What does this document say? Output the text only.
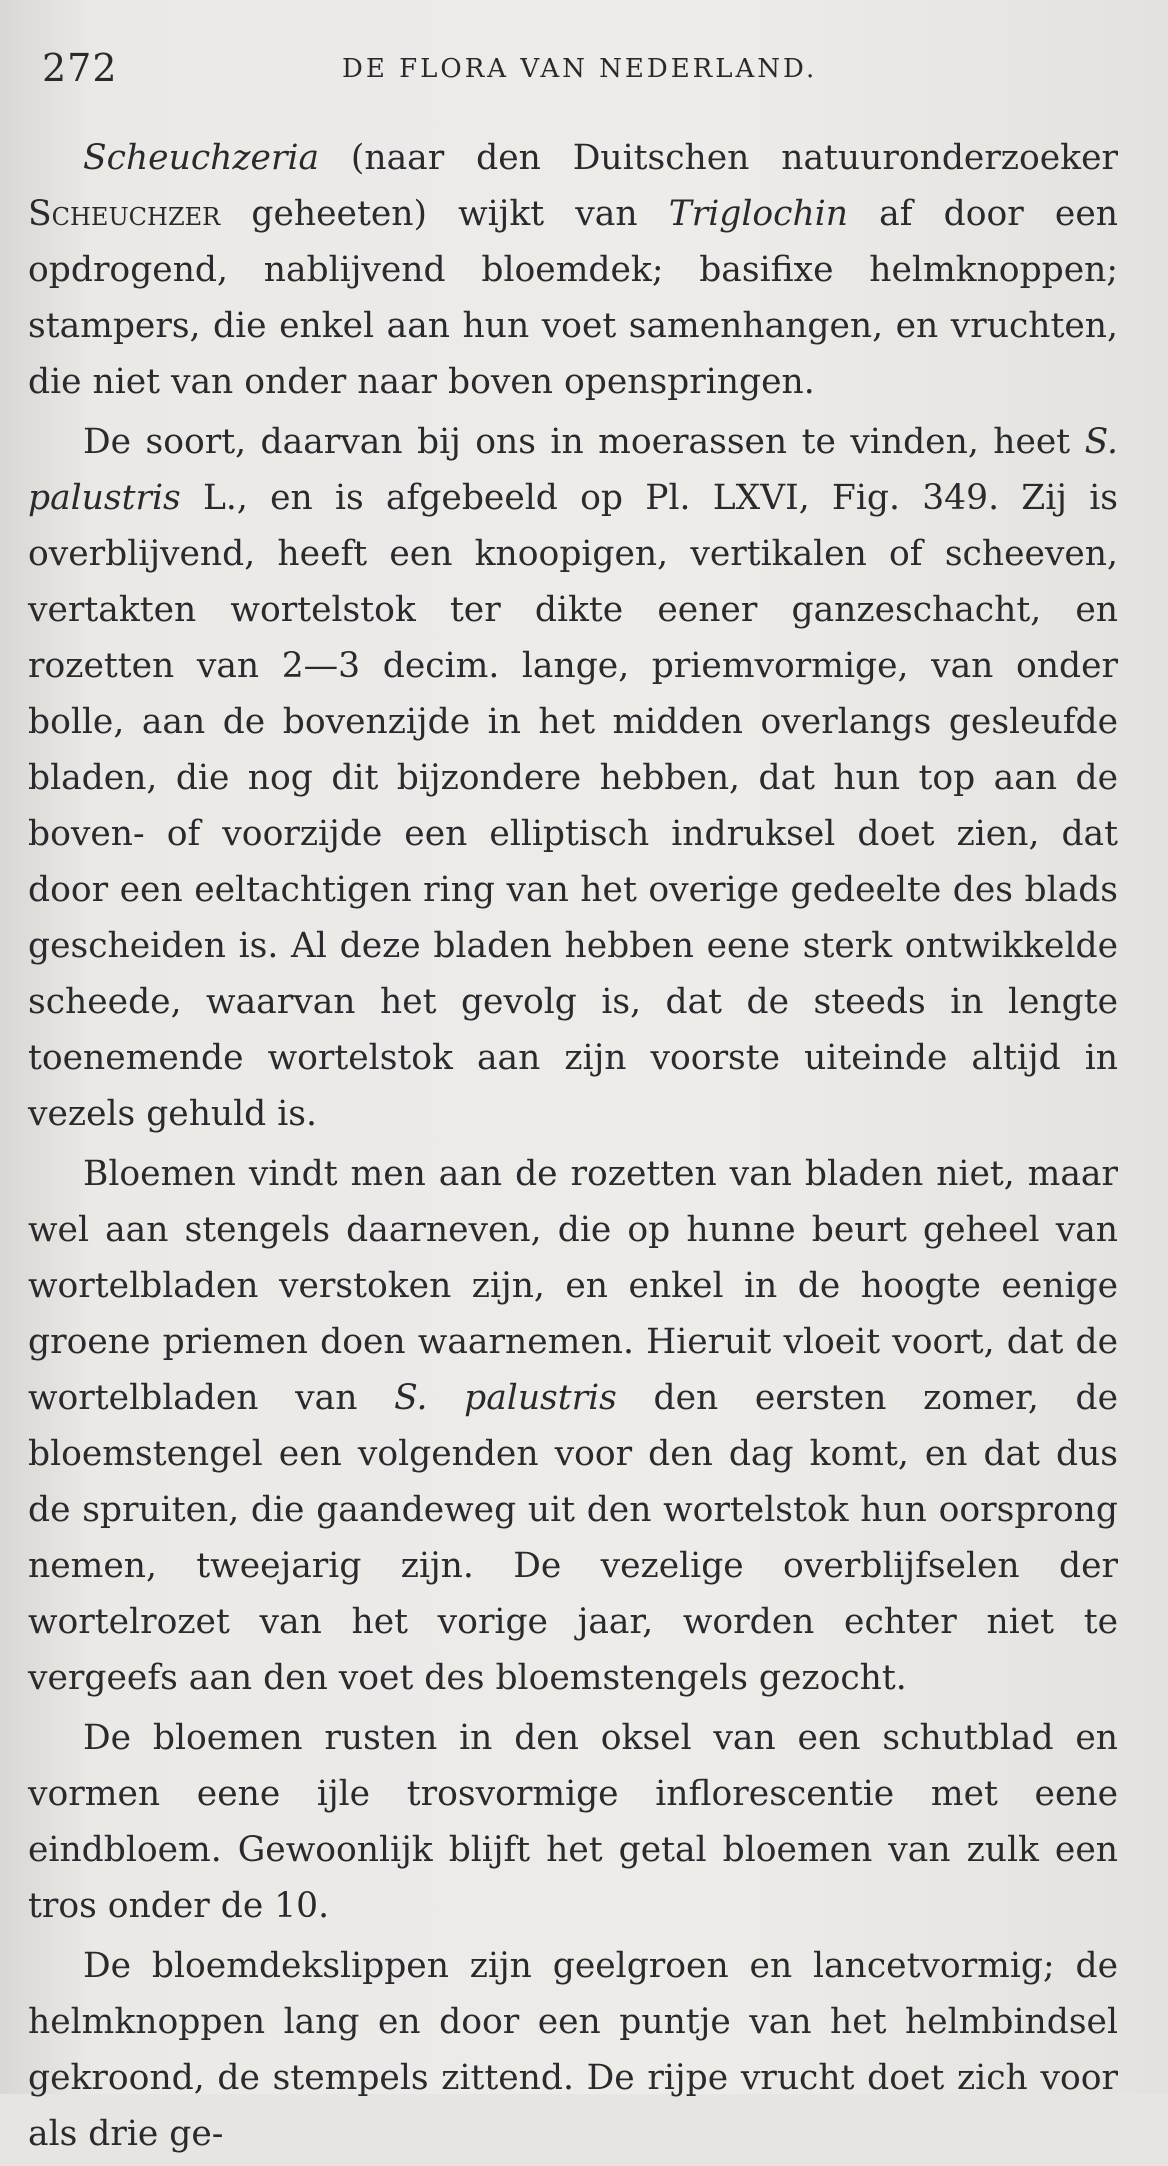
272	DE FLORA VAN NEDERLAND.

Scheuchzeria (naar den Duitschen natuuronderzoeker Scheuchzer geheeten) wijkt van Triglochin af door een opdrogend, nablijvend bloemdek; basifixe helmknoppen; stampers, die enkel aan hun voet samenhangen, en vruchten, die niet van onder naar boven openspringen.

De soort, daarvan bij ons in moerassen te vinden, heet S. palustris L., en is afgebeeld op Pl. LXVI, Fig. 349. Zij is overblijvend, heeft een knoopigen, vertikalen of scheeven, vertakten wortelstok ter dikte eener ganzeschacht, en rozetten van 2—3 decim. lange, priemvormige, van onder bolle, aan de bovenzijde in het midden overlangs gesleufde bladen, die nog dit bijzondere hebben, dat hun top aan de boven- of voorzijde een elliptisch indruksel doet zien, dat door een eeltachtigen ring van het overige gedeelte des blads gescheiden is. Al deze bladen hebben eene sterk ontwikkelde scheede, waarvan het gevolg is, dat de steeds in lengte toenemende wortelstok aan zijn voorste uiteinde altijd in vezels gehuld is.

Bloemen vindt men aan de rozetten van bladen niet, maar wel aan stengels daarneven, die op hunne beurt geheel van wortelbladen verstoken zijn, en enkel in de hoogte eenige groene priemen doen waarnemen. Hieruit vloeit voort, dat de wortelbladen van S. palustris den eersten zomer, de bloemstengel een volgenden voor den dag komt, en dat dus de spruiten, die gaandeweg uit den wortelstok hun oorsprong nemen, tweejarig zijn. De vezelige overblijfselen der wortelrozet van het vorige jaar, worden echter niet te vergeefs aan den voet des bloemstengels gezocht.

De bloemen rusten in den oksel van een schutblad en vormen eene ijle trosvormige inflorescentie met eene eindbloem. Gewoonlijk blijft het getal bloemen van zulk een tros onder de 10.

De bloemdekslippen zijn geelgroen en lancetvormig; de helmknoppen lang en door een puntje van het helmbindsel gekroond, de stempels zittend. De rijpe vrucht doet zich voor als drie ge-
